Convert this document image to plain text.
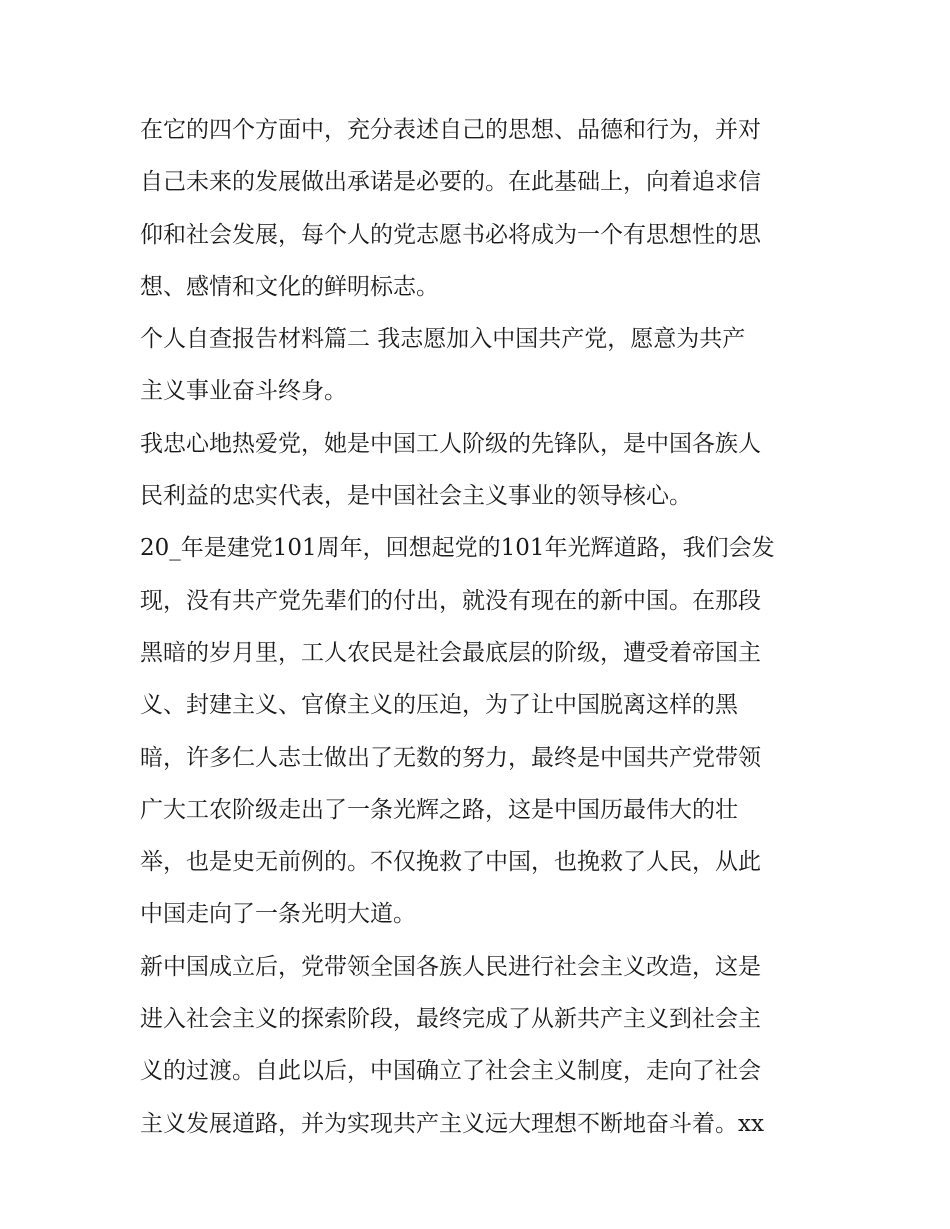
在它的四个方面中，充分表述自己的思想、品德和行为，并对
自己未来的发展做出承诺是必要的。在此基础上，向着追求信
仰和社会发展，每个人的党志愿书必将成为一个有思想性的思
想、感情和文化的鲜明标志。
个人自查报告材料篇二 我志愿加入中国共产党，愿意为共产
主义事业奋斗终身。
我忠心地热爱党，她是中国工人阶级的先锋队，是中国各族人
民利益的忠实代表，是中国社会主义事业的领导核心。
20_年是建党101周年，回想起党的101年光辉道路，我们会发
现，没有共产党先辈们的付出，就没有现在的新中国。在那段
黑暗的岁月里，工人农民是社会最底层的阶级，遭受着帝国主
义、封建主义、官僚主义的压迫，为了让中国脱离这样的黑
暗，许多仁人志士做出了无数的努力，最终是中国共产党带领
广大工农阶级走出了一条光辉之路，这是中国历最伟大的壮
举，也是史无前例的。不仅挽救了中国，也挽救了人民，从此
中国走向了一条光明大道。
新中国成立后，党带领全国各族人民进行社会主义改造，这是
进入社会主义的探索阶段，最终完成了从新共产主义到社会主
义的过渡。自此以后，中国确立了社会主义制度，走向了社会
主义发展道路，并为实现共产主义远大理想不断地奋斗着。xx
